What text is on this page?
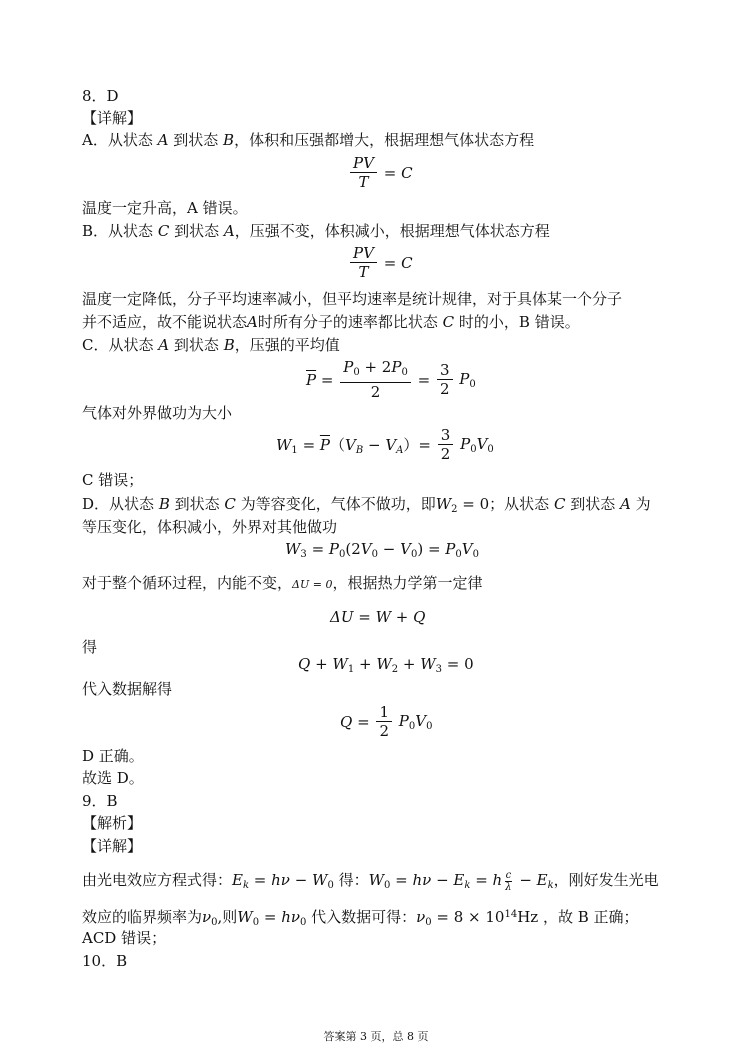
8．D
【详解】
A．从状态 A 到状态 B，体积和压强都增大，根据理想气体状态方程
$\frac{PV}{T} = C$
温度一定升高，A 错误。
B．从状态 C 到状态 A，压强不变，体积减小，根据理想气体状态方程
$\frac{PV}{T} = C$
温度一定降低，分子平均速率减小，但平均速率是统计规律，对于具体某一个分子
并不适应，故不能说状态A时所有分子的速率都比状态 C 时的小，B 错误。
C．从状态 A 到状态 B，压强的平均值
$\overline{P} = \frac{P_0 + 2P_0}{2} = \frac{3}{2} P_0$
气体对外界做功为大小
$W_1 = \overline{P}(V_B - V_A)= \frac{3}{2} P_0V_0$
C 错误；
D．从状态 B 到状态 C 为等容变化，气体不做功，即$W_2 = 0$；从状态 C 到状态 A 为
等压变化，体积减小，外界对其他做功
$W_3 = P_0(2V_0 - V_0) = P_0V_0$
对于整个循环过程，内能不变，ΔU = 0，根据热力学第一定律
ΔU = W + Q
得
$Q + W_1 + W_2 + W_3 = 0$
代入数据解得
$Q = \frac{1}{2} P_0V_0$
D 正确。
故选 D。
9．B
【解析】
【详解】
由光电效应方程式得：$E_k = h\nu - W_0$ 得：$W_0 = h\nu - E_k = h \frac{c}{\lambda} - E_k$，刚好发生光电
效应的临界频率为$\nu_0$,则$W_0 = h\nu_0$ 代入数据可得：$\nu_0 = 8 \times 10^{14}Hz$ ，故 B 正确；
ACD 错误；
10．B
答案第 3 页，总 8 页
